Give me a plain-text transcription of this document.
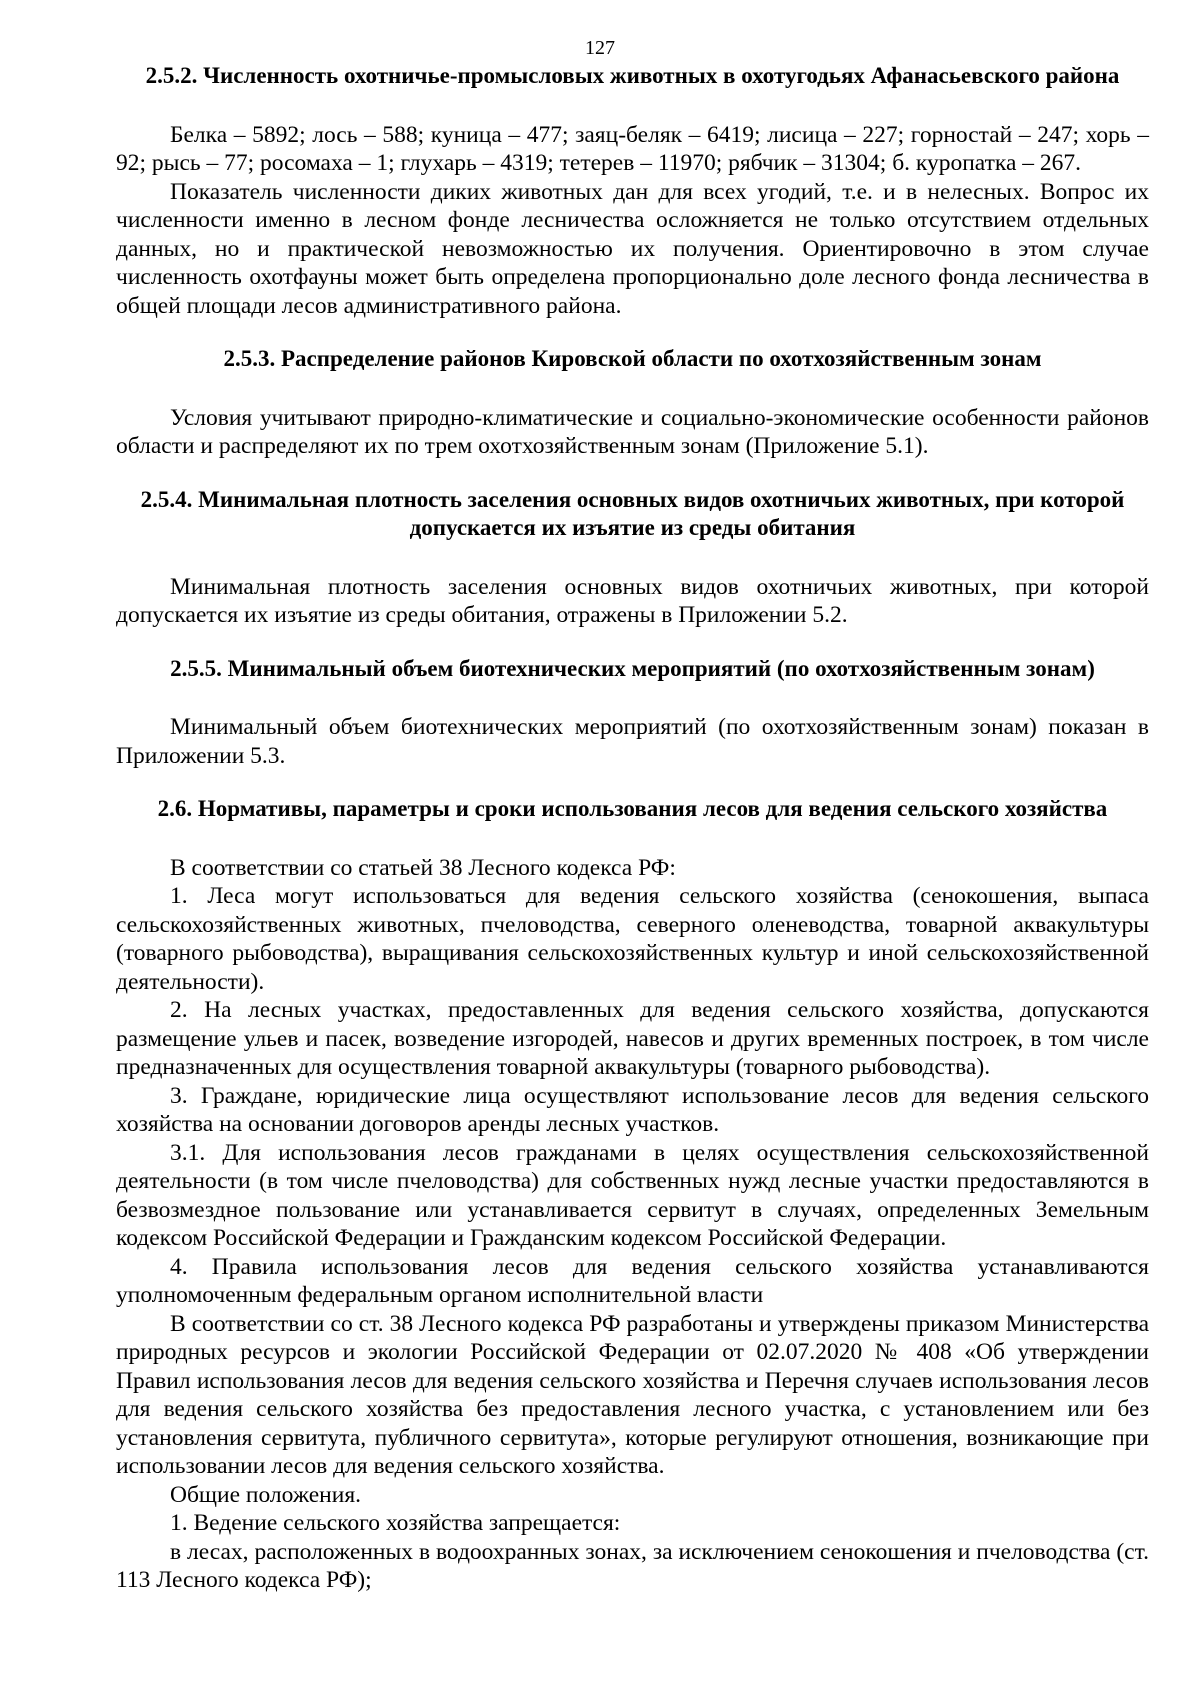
127
2.5.2. Численность охотничье-промысловых животных в охотугодьях Афанасьевского района

Белка – 5892; лось – 588; куница – 477; заяц-беляк – 6419; лисица – 227; горностай – 247; хорь – 92; рысь – 77; росомаха – 1; глухарь – 4319; тетерев – 11970; рябчик – 31304; б. куропатка – 267.

Показатель численности диких животных дан для всех угодий, т.е. и в нелесных. Вопрос их численности именно в лесном фонде лесничества осложняется не только отсутствием отдельных данных, но и практической невозможностью их получения. Ориентировочно в этом случае численность охотфауны может быть определена пропорционально доле лесного фонда лесничества в общей площади лесов административного района.

2.5.3. Распределение районов Кировской области по охотхозяйственным зонам

Условия учитывают природно-климатические и социально-экономические особенности районов области и распределяют их по трем охотхозяйственным зонам (Приложение 5.1).

2.5.4. Минимальная плотность заселения основных видов охотничьих животных, при которой допускается их изъятие из среды обитания

Минимальная плотность заселения основных видов охотничьих животных, при которой допускается их изъятие из среды обитания, отражены в Приложении 5.2.

2.5.5. Минимальный объем биотехнических мероприятий (по охотхозяйственным зонам)

Минимальный объем биотехнических мероприятий (по охотхозяйственным зонам) показан в Приложении 5.3.

2.6. Нормативы, параметры и сроки использования лесов для ведения сельского хозяйства

В соответствии со статьей 38 Лесного кодекса РФ:

1. Леса могут использоваться для ведения сельского хозяйства (сенокошения, выпаса сельскохозяйственных животных, пчеловодства, северного оленеводства, товарной аквакультуры (товарного рыбоводства), выращивания сельскохозяйственных культур и иной сельскохозяйственной деятельности).

2. На лесных участках, предоставленных для ведения сельского хозяйства, допускаются размещение ульев и пасек, возведение изгородей, навесов и других временных построек, в том числе предназначенных для осуществления товарной аквакультуры (товарного рыбоводства).

3. Граждане, юридические лица осуществляют использование лесов для ведения сельского хозяйства на основании договоров аренды лесных участков.

3.1. Для использования лесов гражданами в целях осуществления сельскохозяйственной деятельности (в том числе пчеловодства) для собственных нужд лесные участки предоставляются в безвозмездное пользование или устанавливается сервитут в случаях, определенных Земельным кодексом Российской Федерации и Гражданским кодексом Российской Федерации.

4. Правила использования лесов для ведения сельского хозяйства устанавливаются уполномоченным федеральным органом исполнительной власти

В соответствии со ст. 38 Лесного кодекса РФ разработаны и утверждены приказом Министерства природных ресурсов и экологии Российской Федерации от 02.07.2020 № 408 «Об утверждении Правил использования лесов для ведения сельского хозяйства и Перечня случаев использования лесов для ведения сельского хозяйства без предоставления лесного участка, с установлением или без установления сервитута, публичного сервитута», которые регулируют отношения, возникающие при использовании лесов для ведения сельского хозяйства.

Общие положения.

1. Ведение сельского хозяйства запрещается:

в лесах, расположенных в водоохранных зонах, за исключением сенокошения и пчеловодства (ст. 113 Лесного кодекса РФ);
